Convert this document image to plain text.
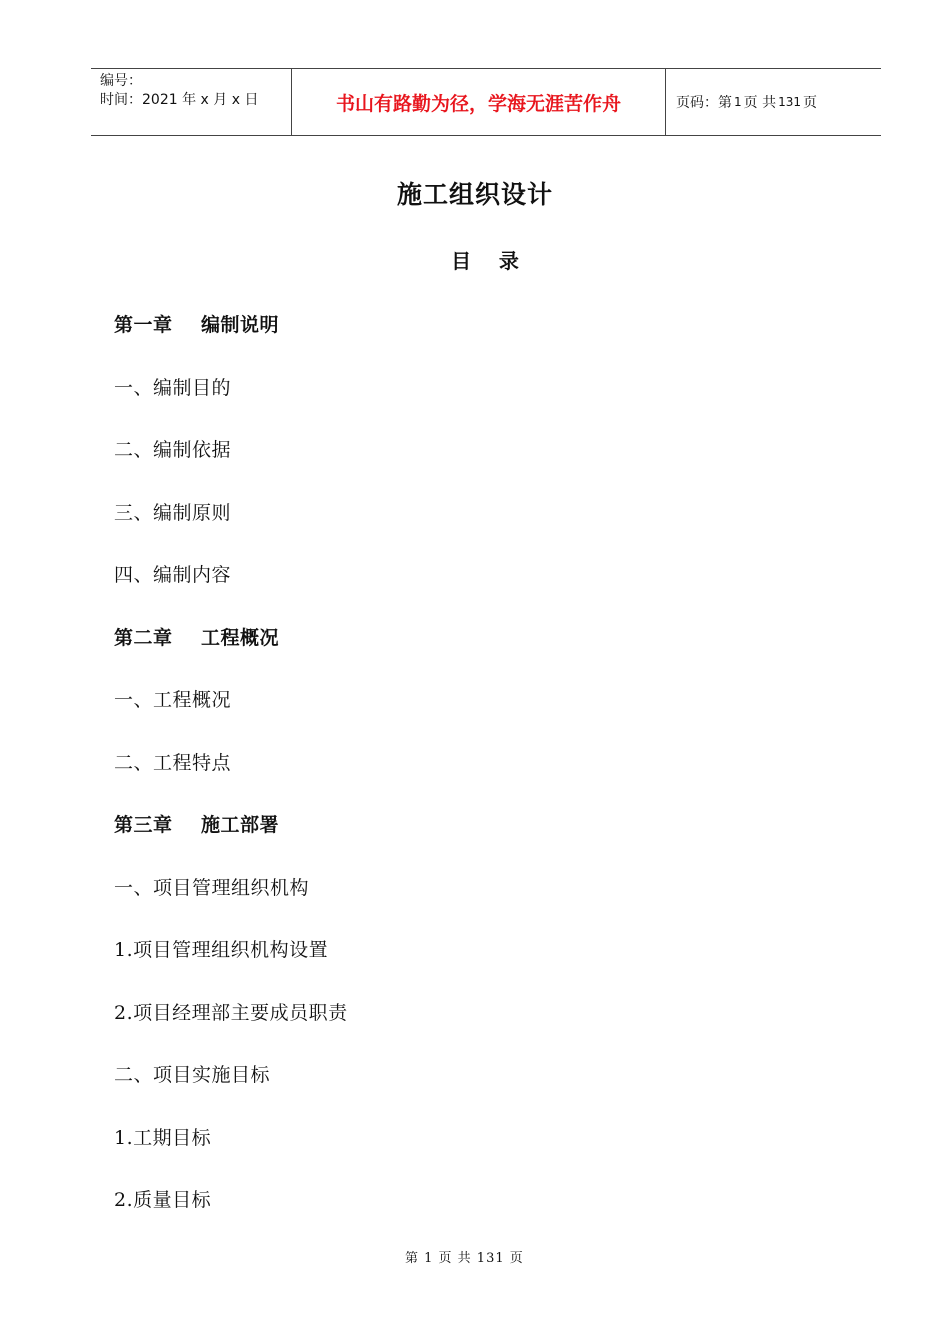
编号：
时间：2021 年 x 月 x 日	书山有路勤为径，学海无涯苦作舟	页码：第 1 页 共 131 页
施工组织设计
目    录
第一章    编制说明
一、编制目的
二、编制依据
三、编制原则
四、编制内容
第二章    工程概况
一、工程概况
二、工程特点
第三章    施工部署
一、项目管理组织机构
1.项目管理组织机构设置
2.项目经理部主要成员职责
二、项目实施目标
1.工期目标
2.质量目标
第 1 页 共 131 页
